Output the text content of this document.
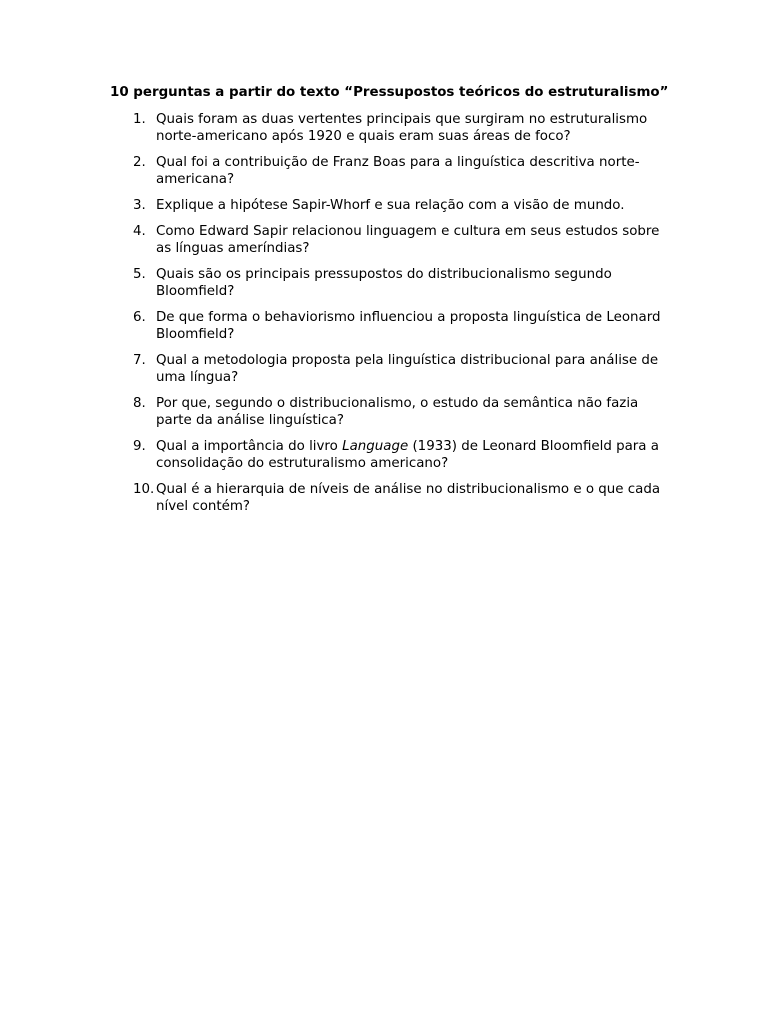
10 perguntas a partir do texto “Pressupostos teóricos do estruturalismo”
1. Quais foram as duas vertentes principais que surgiram no estruturalismo norte-americano após 1920 e quais eram suas áreas de foco?
2. Qual foi a contribuição de Franz Boas para a linguística descritiva norte-americana?
3. Explique a hipótese Sapir-Whorf e sua relação com a visão de mundo.
4. Como Edward Sapir relacionou linguagem e cultura em seus estudos sobre as línguas ameríndias?
5. Quais são os principais pressupostos do distribucionalismo segundo Bloomfield?
6. De que forma o behaviorismo influenciou a proposta linguística de Leonard Bloomfield?
7. Qual a metodologia proposta pela linguística distribucional para análise de uma língua?
8. Por que, segundo o distribucionalismo, o estudo da semântica não fazia parte da análise linguística?
9. Qual a importância do livro Language (1933) de Leonard Bloomfield para a consolidação do estruturalismo americano?
10. Qual é a hierarquia de níveis de análise no distribucionalismo e o que cada nível contém?
